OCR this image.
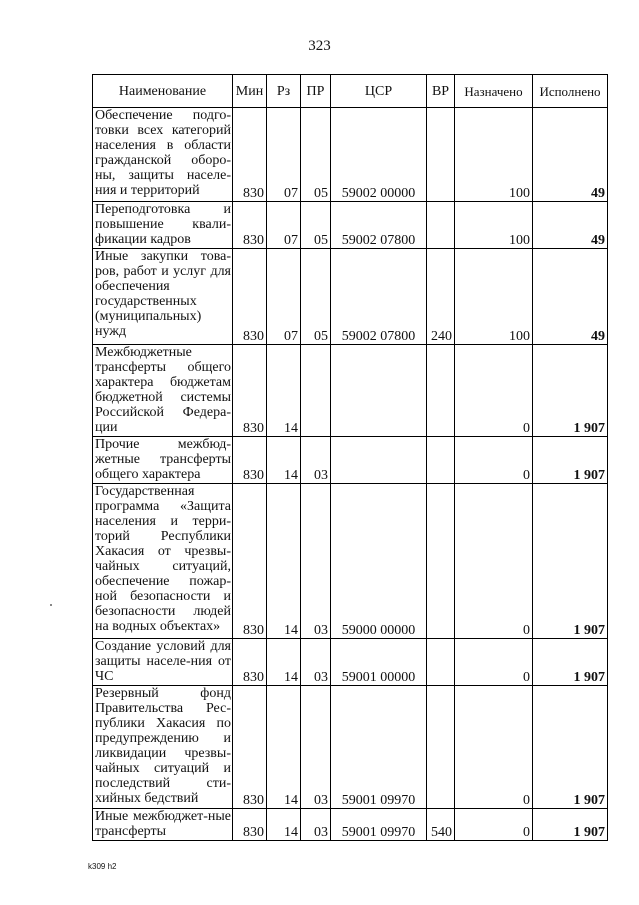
323
Наименование	Мин	Рз	ПР	ЦСР	ВР	Назначено	Исполнено
Обеспечение подго-товки всех категорий населения в области гражданской оборо-ны, защиты населе-ния и территорий	830	07	05	59002 00000		100	49
Переподготовка и повышение квали-фикации кадров	830	07	05	59002 07800		100	49
Иные закупки това-ров, работ и услуг для обеспечения государственных (муниципальных) нужд	830	07	05	59002 07800	240	100	49
Межбюджетные трансферты общего характера бюджетам бюджетной системы Российской Федера-ции	830	14				0	1 907
Прочие межбюд-жетные трансферты общего характера	830	14	03			0	1 907
Государственная программа «Защита населения и терри-торий Республики Хакасия от чрезвы-чайных ситуаций, обеспечение пожар-ной безопасности и безопасности людей на водных объектах»	830	14	03	59000 00000		0	1 907
Создание условий для защиты населе-ния от ЧС	830	14	03	59001 00000		0	1 907
Резервный фонд Правительства Рес-публики Хакасия по предупреждению и ликвидации чрезвы-чайных ситуаций и последствий сти-хийных бедствий	830	14	03	59001 09970		0	1 907
Иные межбюджет-ные трансферты	830	14	03	59001 09970	540	0	1 907
k309 h2
